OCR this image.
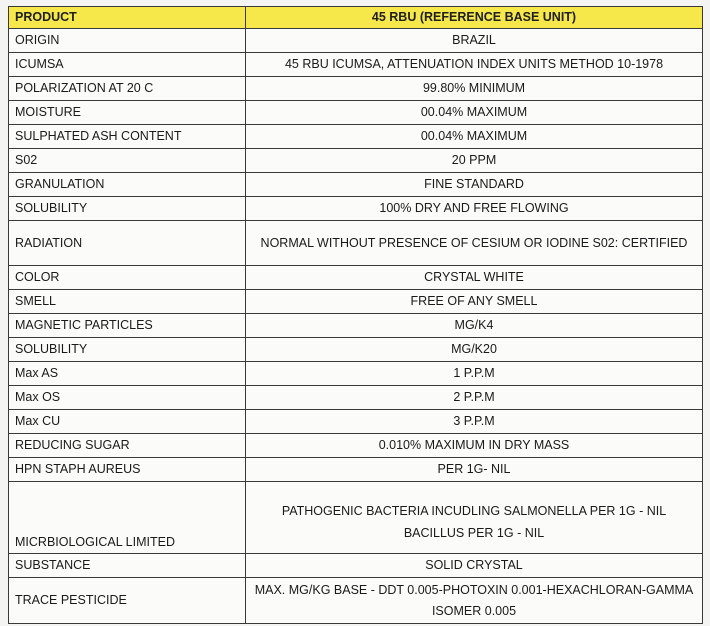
PRODUCT	45 RBU (REFERENCE BASE UNIT)
ORIGIN	BRAZIL
ICUMSA	45 RBU ICUMSA, ATTENUATION INDEX UNITS METHOD 10-1978
POLARIZATION AT 20 C	99.80% MINIMUM
MOISTURE	00.04% MAXIMUM
SULPHATED ASH CONTENT	00.04% MAXIMUM
S02	20 PPM
GRANULATION	FINE STANDARD
SOLUBILITY	100% DRY AND FREE FLOWING
RADIATION	NORMAL WITHOUT PRESENCE OF CESIUM OR IODINE S02: CERTIFIED
COLOR	CRYSTAL WHITE
SMELL	FREE OF ANY SMELL
MAGNETIC PARTICLES	MG/K4
SOLUBILITY	MG/K20
Max AS	1 P.P.M
Max OS	2 P.P.M
Max CU	3 P.P.M
REDUCING SUGAR	0.010% MAXIMUM IN DRY MASS
HPN STAPH AUREUS	PER 1G- NIL
MICRBIOLOGICAL LIMITED	PATHOGENIC BACTERIA INCUDLING SALMONELLA PER 1G - NIL BACILLUS PER 1G - NIL
SUBSTANCE	SOLID CRYSTAL
TRACE PESTICIDE	MAX. MG/KG BASE - DDT 0.005-PHOTOXIN 0.001-HEXACHLORAN-GAMMA ISOMER 0.005
